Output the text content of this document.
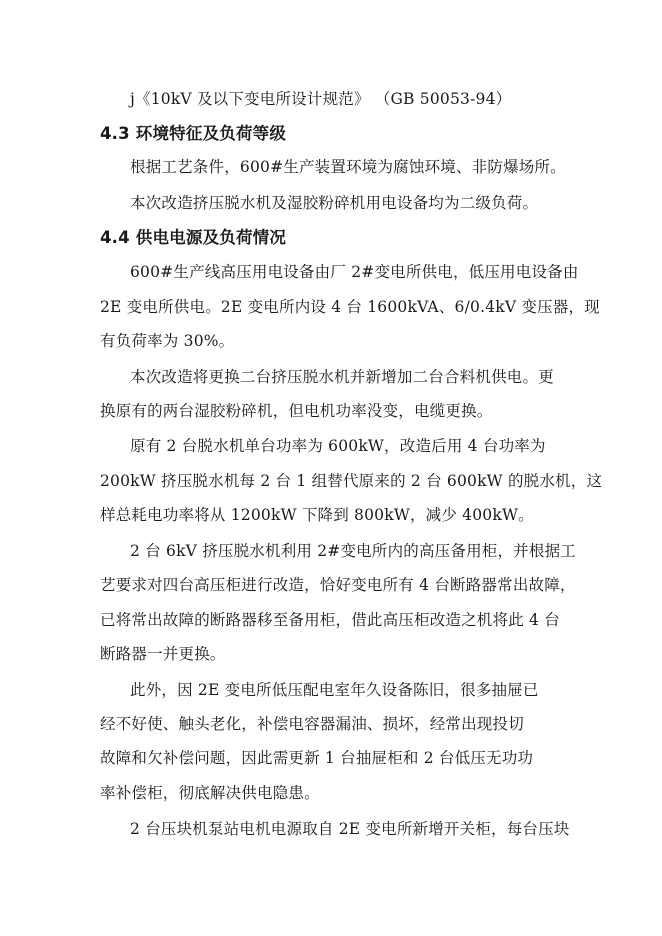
j《10kV 及以下变电所设计规范》 （GB 50053-94）
4.3 环境特征及负荷等级
根据工艺条件，600#生产装置环境为腐蚀环境、非防爆场所。
本次改造挤压脱水机及湿胶粉碎机用电设备均为二级负荷。
4.4 供电电源及负荷情况
600#生产线高压用电设备由厂 2#变电所供电，低压用电设备由
2E 变电所供电。2E 变电所内设 4 台 1600kVA、6/0.4kV 变压器，现
有负荷率为 30%。
本次改造将更换二台挤压脱水机并新增加二台合料机供电。更
换原有的两台湿胶粉碎机，但电机功率没变，电缆更换。
原有 2 台脱水机单台功率为 600kW，改造后用 4 台功率为
200kW 挤压脱水机每 2 台 1 组替代原来的 2 台 600kW 的脱水机，这
样总耗电功率将从 1200kW 下降到 800kW，减少 400kW。
2 台 6kV 挤压脱水机利用 2#变电所内的高压备用柜，并根据工
艺要求对四台高压柜进行改造，恰好变电所有 4 台断路器常出故障，
已将常出故障的断路器移至备用柜，借此高压柜改造之机将此 4 台
断路器一并更换。
此外，因 2E 变电所低压配电室年久设备陈旧，很多抽屉已
经不好使、触头老化，补偿电容器漏油、损坏，经常出现投切
故障和欠补偿问题，因此需更新 1 台抽屉柜和 2 台低压无功功
率补偿柜，彻底解决供电隐患。
2 台压块机泵站电机电源取自 2E 变电所新增开关柜，每台压块
